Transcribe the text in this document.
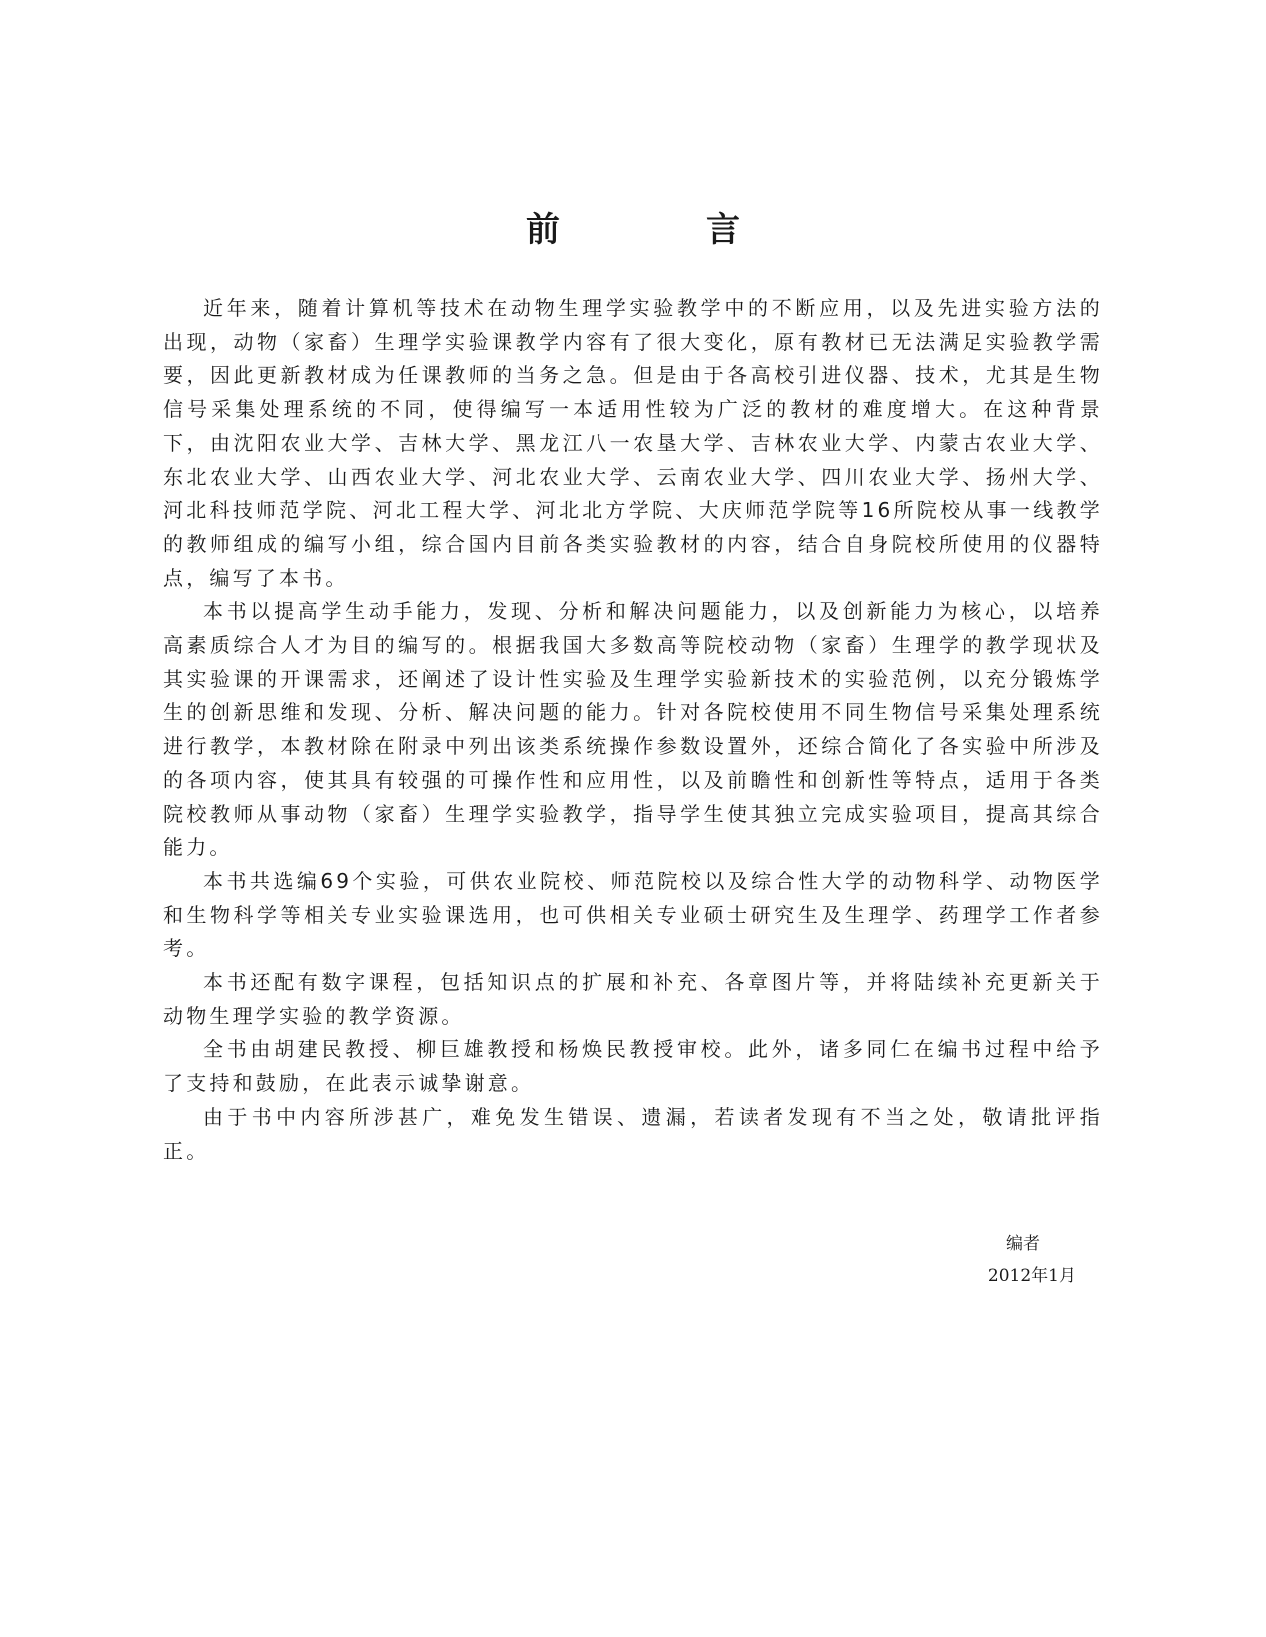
前　言

近年来，随着计算机等技术在动物生理学实验教学中的不断应用，以及先进实验方法的出现，动物（家畜）生理学实验课教学内容有了很大变化，原有教材已无法满足实验教学需要，因此更新教材成为任课教师的当务之急。但是由于各高校引进仪器、技术，尤其是生物信号采集处理系统的不同，使得编写一本适用性较为广泛的教材的难度增大。在这种背景下，由沈阳农业大学、吉林大学、黑龙江八一农垦大学、吉林农业大学、内蒙古农业大学、东北农业大学、山西农业大学、河北农业大学、云南农业大学、四川农业大学、扬州大学、河北科技师范学院、河北工程大学、河北北方学院、大庆师范学院等16所院校从事一线教学的教师组成的编写小组，综合国内目前各类实验教材的内容，结合自身院校所使用的仪器特点，编写了本书。

本书以提高学生动手能力，发现、分析和解决问题能力，以及创新能力为核心，以培养高素质综合人才为目的编写的。根据我国大多数高等院校动物（家畜）生理学的教学现状及其实验课的开课需求，还阐述了设计性实验及生理学实验新技术的实验范例，以充分锻炼学生的创新思维和发现、分析、解决问题的能力。针对各院校使用不同生物信号采集处理系统进行教学，本教材除在附录中列出该类系统操作参数设置外，还综合简化了各实验中所涉及的各项内容，使其具有较强的可操作性和应用性，以及前瞻性和创新性等特点，适用于各类院校教师从事动物（家畜）生理学实验教学，指导学生使其独立完成实验项目，提高其综合能力。

本书共选编69个实验，可供农业院校、师范院校以及综合性大学的动物科学、动物医学和生物科学等相关专业实验课选用，也可供相关专业硕士研究生及生理学、药理学工作者参考。

本书还配有数字课程，包括知识点的扩展和补充、各章图片等，并将陆续补充更新关于动物生理学实验的教学资源。

全书由胡建民教授、柳巨雄教授和杨焕民教授审校。此外，诸多同仁在编书过程中给予了支持和鼓励，在此表示诚挚谢意。

由于书中内容所涉甚广，难免发生错误、遗漏，若读者发现有不当之处，敬请批评指正。

编者
2012年1月
